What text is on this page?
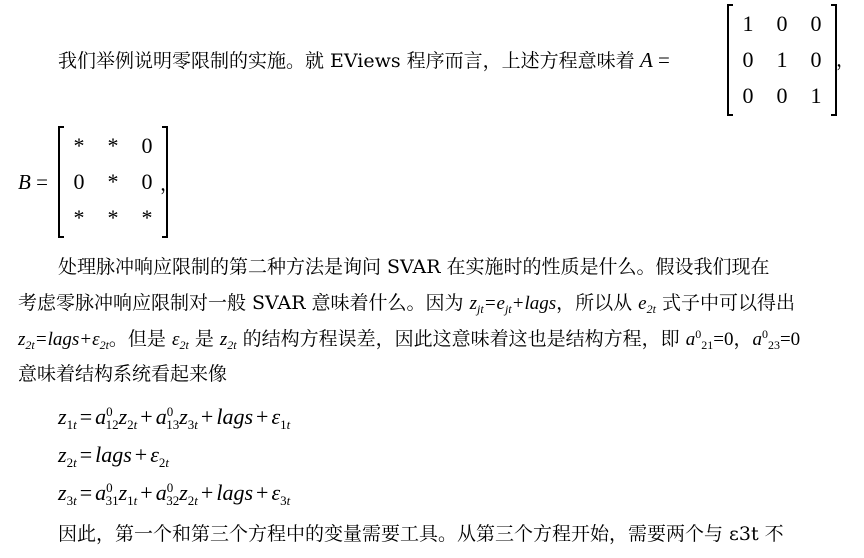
我们举例说明零限制的实施。就 EViews 程序而言，上述方程意味着 A =
1 0 0
0 1 0
0 0 1
，
B =
* * 0
0 * 0
* * *
，
处理脉冲响应限制的第二种方法是询问 SVAR 在实施时的性质是什么。假设我们现在
考虑零脉冲响应限制对一般 SVAR 意味着什么。因为 $z_{jt}=e_{jt}+lags$，所以从 $e_{2t}$ 式子中可以得出
$z_{2t}=lags+\varepsilon_{2t}$。但是 $\varepsilon_{2t}$ 是 $z_{2t}$ 的结构方程误差，因此这意味着这也是结构方程，即 $a^0_{21}=0$，$a^0_{23}=0$
意味着结构系统看起来像
$z_{1t} = a^0_{12}z_{2t} + a^0_{13}z_{3t}$ + lags + $\varepsilon_{1t}$
$z_{2t}$ = lags + $\varepsilon_{2t}$
$z_{3t} = a^0_{31}z_{1t} + a^0_{32}z_{2t}$ + lags + $\varepsilon_{3t}$
因此，第一个和第三个方程中的变量需要工具。从第三个方程开始，需要两个与 ε3t 不
